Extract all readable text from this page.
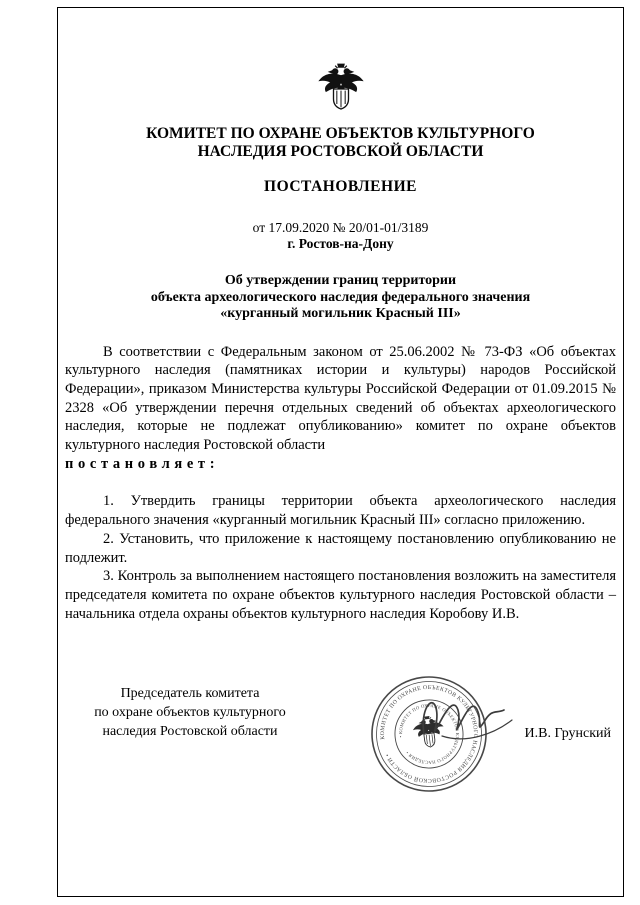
КОМИТЕТ ПО ОХРАНЕ ОБЪЕКТОВ КУЛЬТУРНОГО
НАСЛЕДИЯ РОСТОВСКОЙ ОБЛАСТИ
ПОСТАНОВЛЕНИЕ
от 17.09.2020 № 20/01-01/3189
г. Ростов-на-Дону
Об утверждении границ территории
объекта археологического наследия федерального значения
«курганный могильник Красный III»

В соответствии с Федеральным законом от 25.06.2002 № 73-ФЗ «Об объектах культурного наследия (памятниках истории и культуры) народов Российской Федерации», приказом Министерства культуры Российской Федерации от 01.09.2015 № 2328 «Об утверждении перечня отдельных сведений об объектах археологического наследия, которые не подлежат опубликованию» комитет по охране объектов культурного наследия Ростовской области

постановляет:

1. Утвердить границы территории объекта археологического наследия федерального значения «курганный могильник Красный III» согласно приложению.

2. Установить, что приложение к настоящему постановлению опубликованию не подлежит.

3. Контроль за выполнением настоящего постановления возложить на заместителя председателя комитета по охране объектов культурного наследия Ростовской области – начальника отдела охраны объектов культурного наследия Коробову И.В.

Председатель комитета
по охране объектов культурного
наследия Ростовской области	КОМИТЕТ ПО ОХРАНЕ ОБЪЕКТОВ КУЛЬТУРНОГО НАСЛЕДИЯ РОСТОВСКОЙ ОБЛАСТИ •
• КОМИТЕТ ПО ОХРАНЕ ОБЪЕКТОВ КУЛЬТУРНОГО НАСЛЕДИЯ •
И.В. Грунский
